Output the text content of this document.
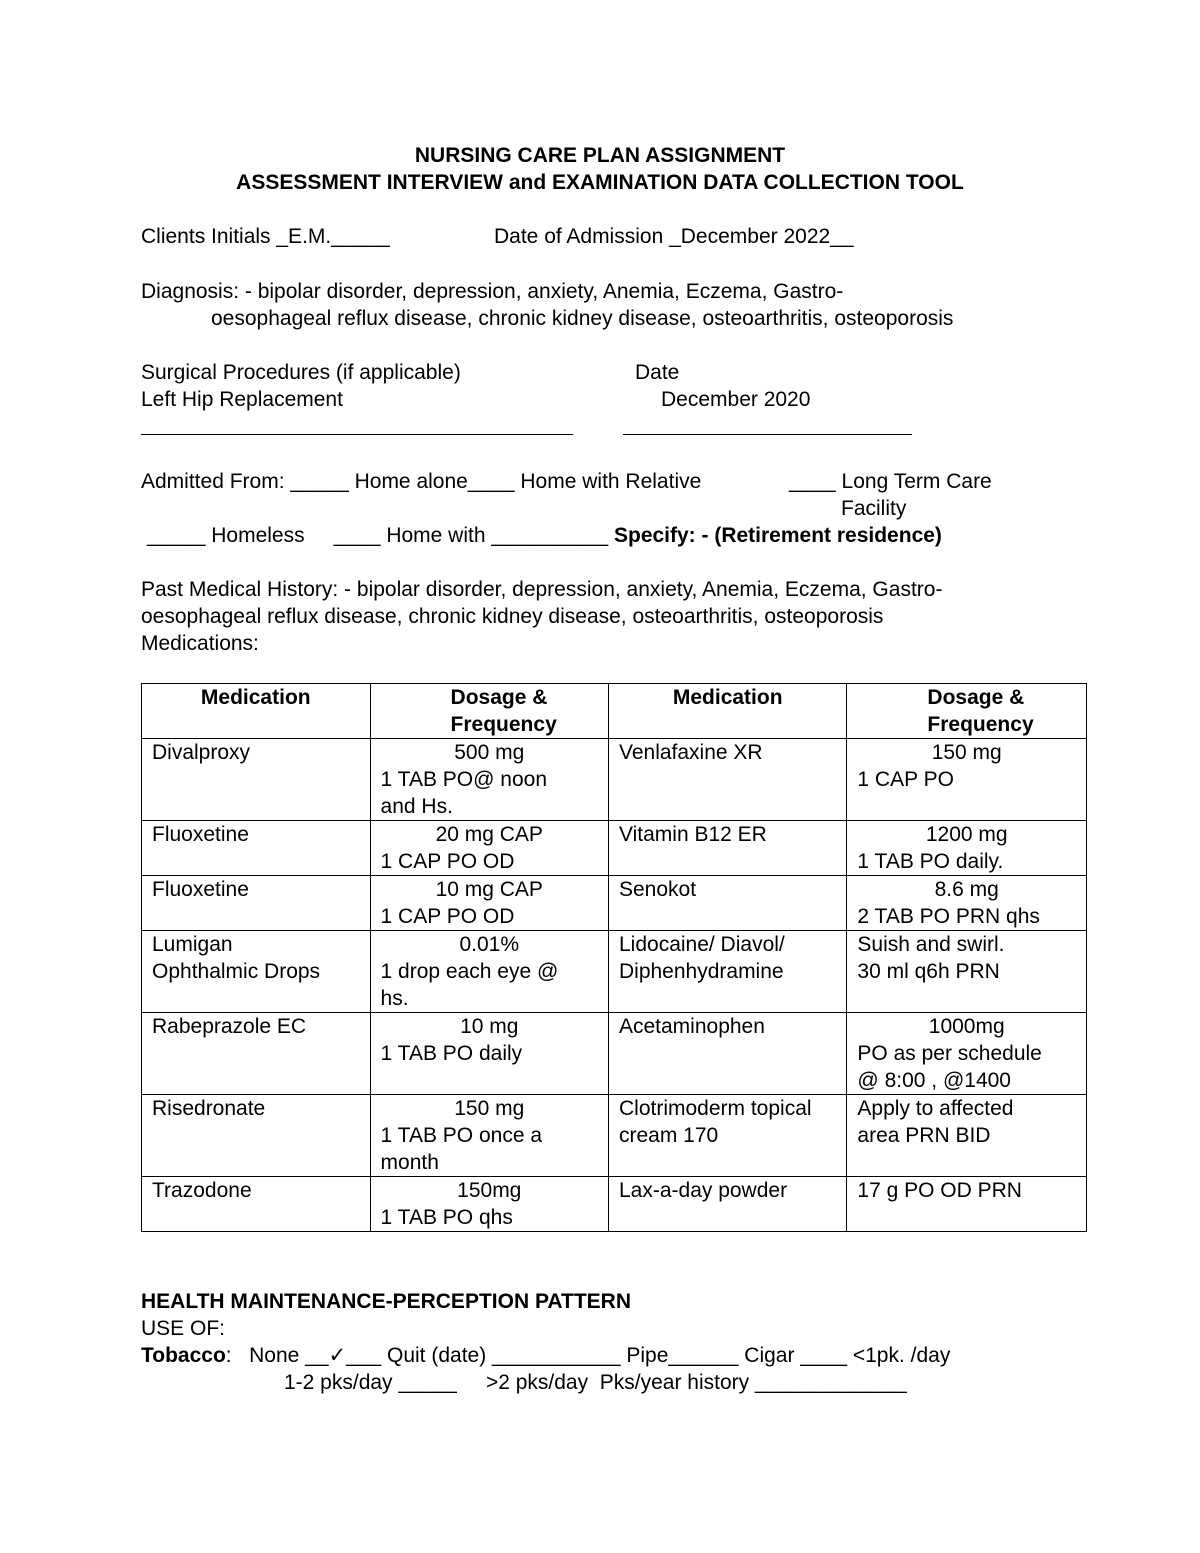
NURSING CARE PLAN ASSIGNMENT
ASSESSMENT INTERVIEW and EXAMINATION DATA COLLECTION TOOL
Clients Initials _E.M._____	Date of Admission _December 2022__
Diagnosis: - bipolar disorder, depression, anxiety, Anemia, Eczema, Gastro-
oesophageal reflux disease, chronic kidney disease, osteoarthritis, osteoporosis
Surgical Procedures (if applicable)	Date
Left Hip Replacement	December 2020
Admitted From: _____ Home alone____ Home with Relative	____ Long Term Care
Facility
_____ Homeless     ____ Home with __________ Specify: - (Retirement residence)
Past Medical History: - bipolar disorder, depression, anxiety, Anemia, Eczema, Gastro-
oesophageal reflux disease, chronic kidney disease, osteoarthritis, osteoporosis
Medications:
Medication	Dosage &
Frequency	Medication	Dosage &
Frequency

Divalproxy	500 mg
1 TAB PO@ noon
and Hs.	Venlafaxine XR	150 mg
1 CAP PO

Fluoxetine	20 mg CAP
1 CAP PO OD	Vitamin B12 ER	1200 mg
1 TAB PO daily.

Fluoxetine	10 mg CAP
1 CAP PO OD	Senokot	8.6 mg
2 TAB PO PRN qhs

Lumigan
Ophthalmic Drops	0.01%
1 drop each eye @
hs.	Lidocaine/ Diavol/
Diphenhydramine	Suish and swirl.
30 ml q6h PRN

Rabeprazole EC	10 mg
1 TAB PO daily	Acetaminophen	1000mg
PO as per schedule
@ 8:00 , @1400

Risedronate	150 mg
1 TAB PO once a
month	Clotrimoderm topical
cream 170	Apply to affected
area PRN BID

Trazodone	150mg
1 TAB PO qhs	Lax-a-day powder	17 g PO OD PRN
HEALTH MAINTENANCE-PERCEPTION PATTERN
USE OF:
Tobacco:   None __✓___ Quit (date) ___________ Pipe______ Cigar ____ <1pk. /day
1-2 pks/day _____     >2 pks/day  Pks/year history _____________
